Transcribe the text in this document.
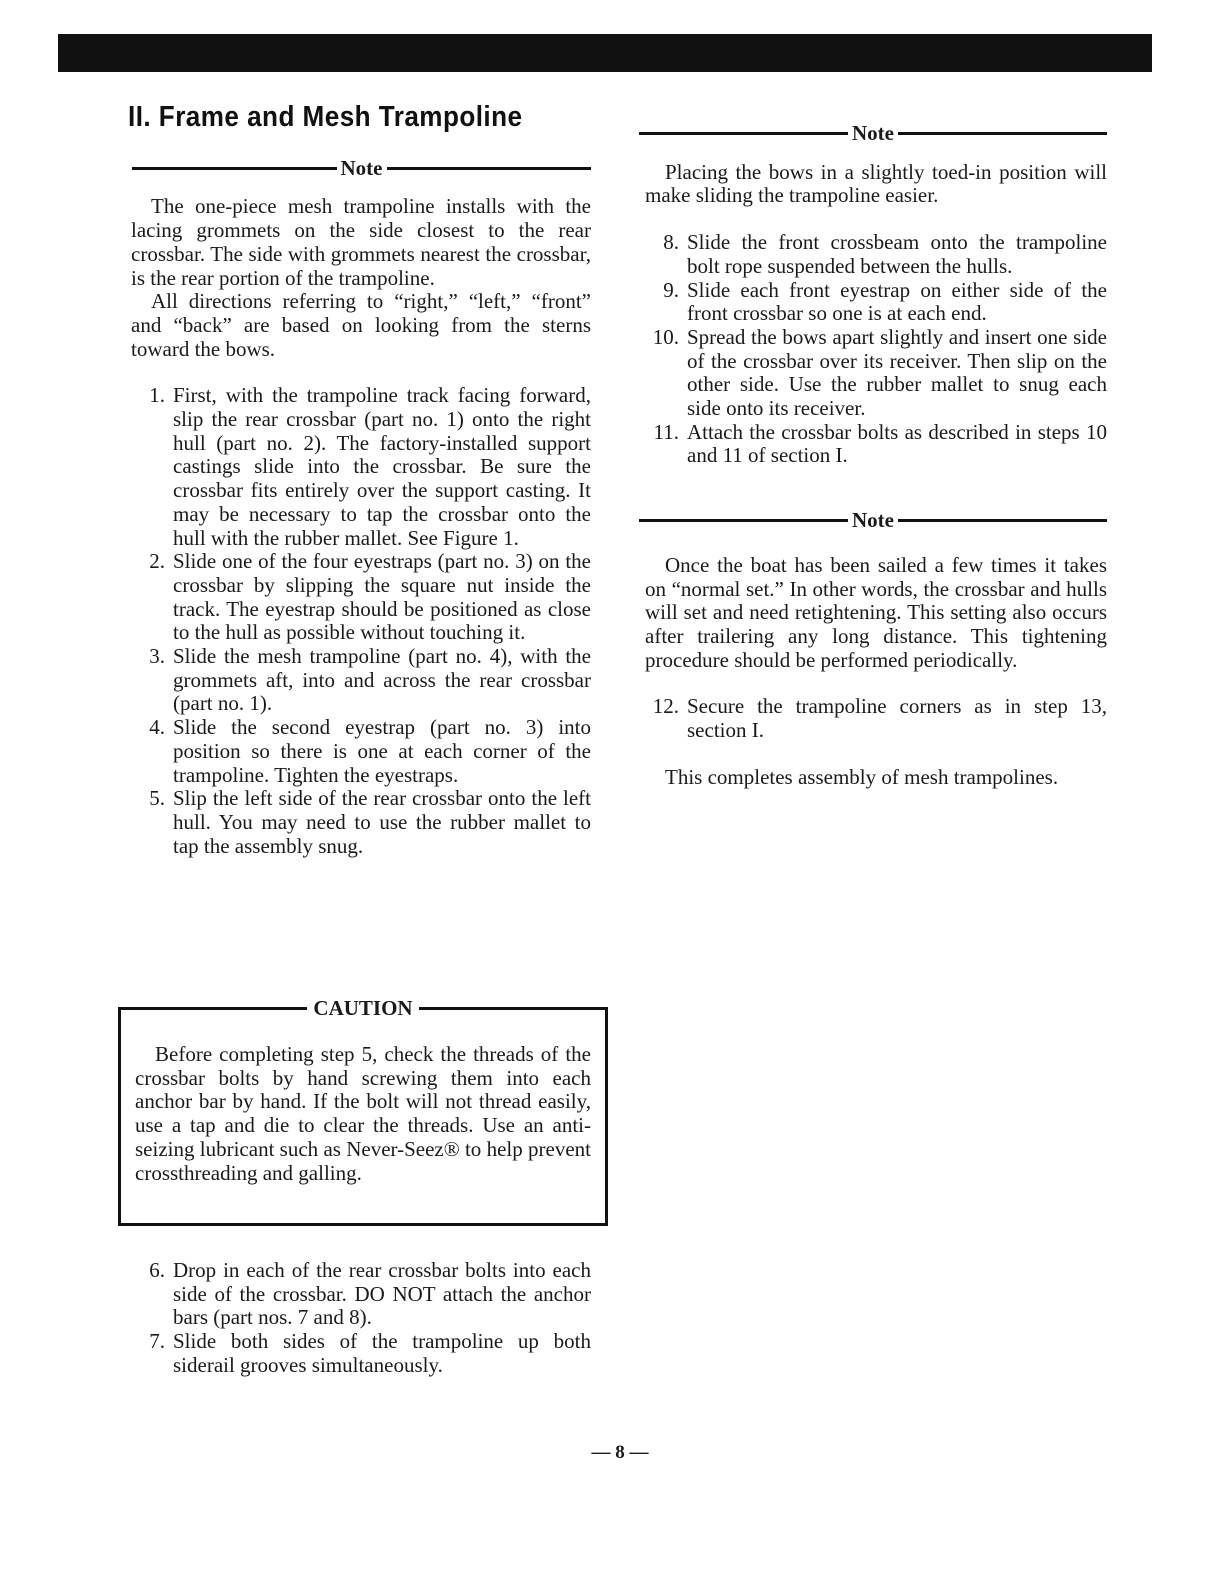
II. Frame and Mesh Trampoline
Note

The one-piece mesh trampoline installs with the lacing grommets on the side closest to the rear crossbar. The side with grommets nearest the crossbar, is the rear portion of the trampoline.

All directions referring to “right,” “left,” “front” and “back” are based on looking from the sterns toward the bows.

1. First, with the trampoline track facing forward, slip the rear crossbar (part no. 1) onto the right hull (part no. 2). The factory-installed support castings slide into the crossbar. Be sure the crossbar fits entirely over the support casting. It may be necessary to tap the crossbar onto the hull with the rubber mallet. See Figure 1.
2. Slide one of the four eyestraps (part no. 3) on the crossbar by slipping the square nut inside the track. The eyestrap should be positioned as close to the hull as possible without touching it.
3. Slide the mesh trampoline (part no. 4), with the grommets aft, into and across the rear crossbar (part no. 1).
4. Slide the second eyestrap (part no. 3) into position so there is one at each corner of the trampoline. Tighten the eyestraps.
5. Slip the left side of the rear crossbar onto the left hull. You may need to use the rubber mallet to tap the assembly snug.
CAUTION

Before completing step 5, check the threads of the crossbar bolts by hand screwing them into each anchor bar by hand. If the bolt will not thread easily, use a tap and die to clear the threads. Use an anti-seizing lubricant such as Never-Seez® to help prevent crossthreading and galling.

6. Drop in each of the rear crossbar bolts into each side of the crossbar. DO NOT attach the anchor bars (part nos. 7 and 8).
7. Slide both sides of the trampoline up both siderail grooves simultaneously.
Note

Placing the bows in a slightly toed-in position will make sliding the trampoline easier.

8. Slide the front crossbeam onto the trampoline bolt rope suspended between the hulls.
9. Slide each front eyestrap on either side of the front crossbar so one is at each end.
10. Spread the bows apart slightly and insert one side of the crossbar over its receiver. Then slip on the other side. Use the rubber mallet to snug each side onto its receiver.
11. Attach the crossbar bolts as described in steps 10 and 11 of section I.
Note

Once the boat has been sailed a few times it takes on “normal set.” In other words, the crossbar and hulls will set and need retightening. This setting also occurs after trailering any long distance. This tightening procedure should be performed periodically.

12. Secure the trampoline corners as in step 13, section I.

This completes assembly of mesh trampolines.

— 8 —
